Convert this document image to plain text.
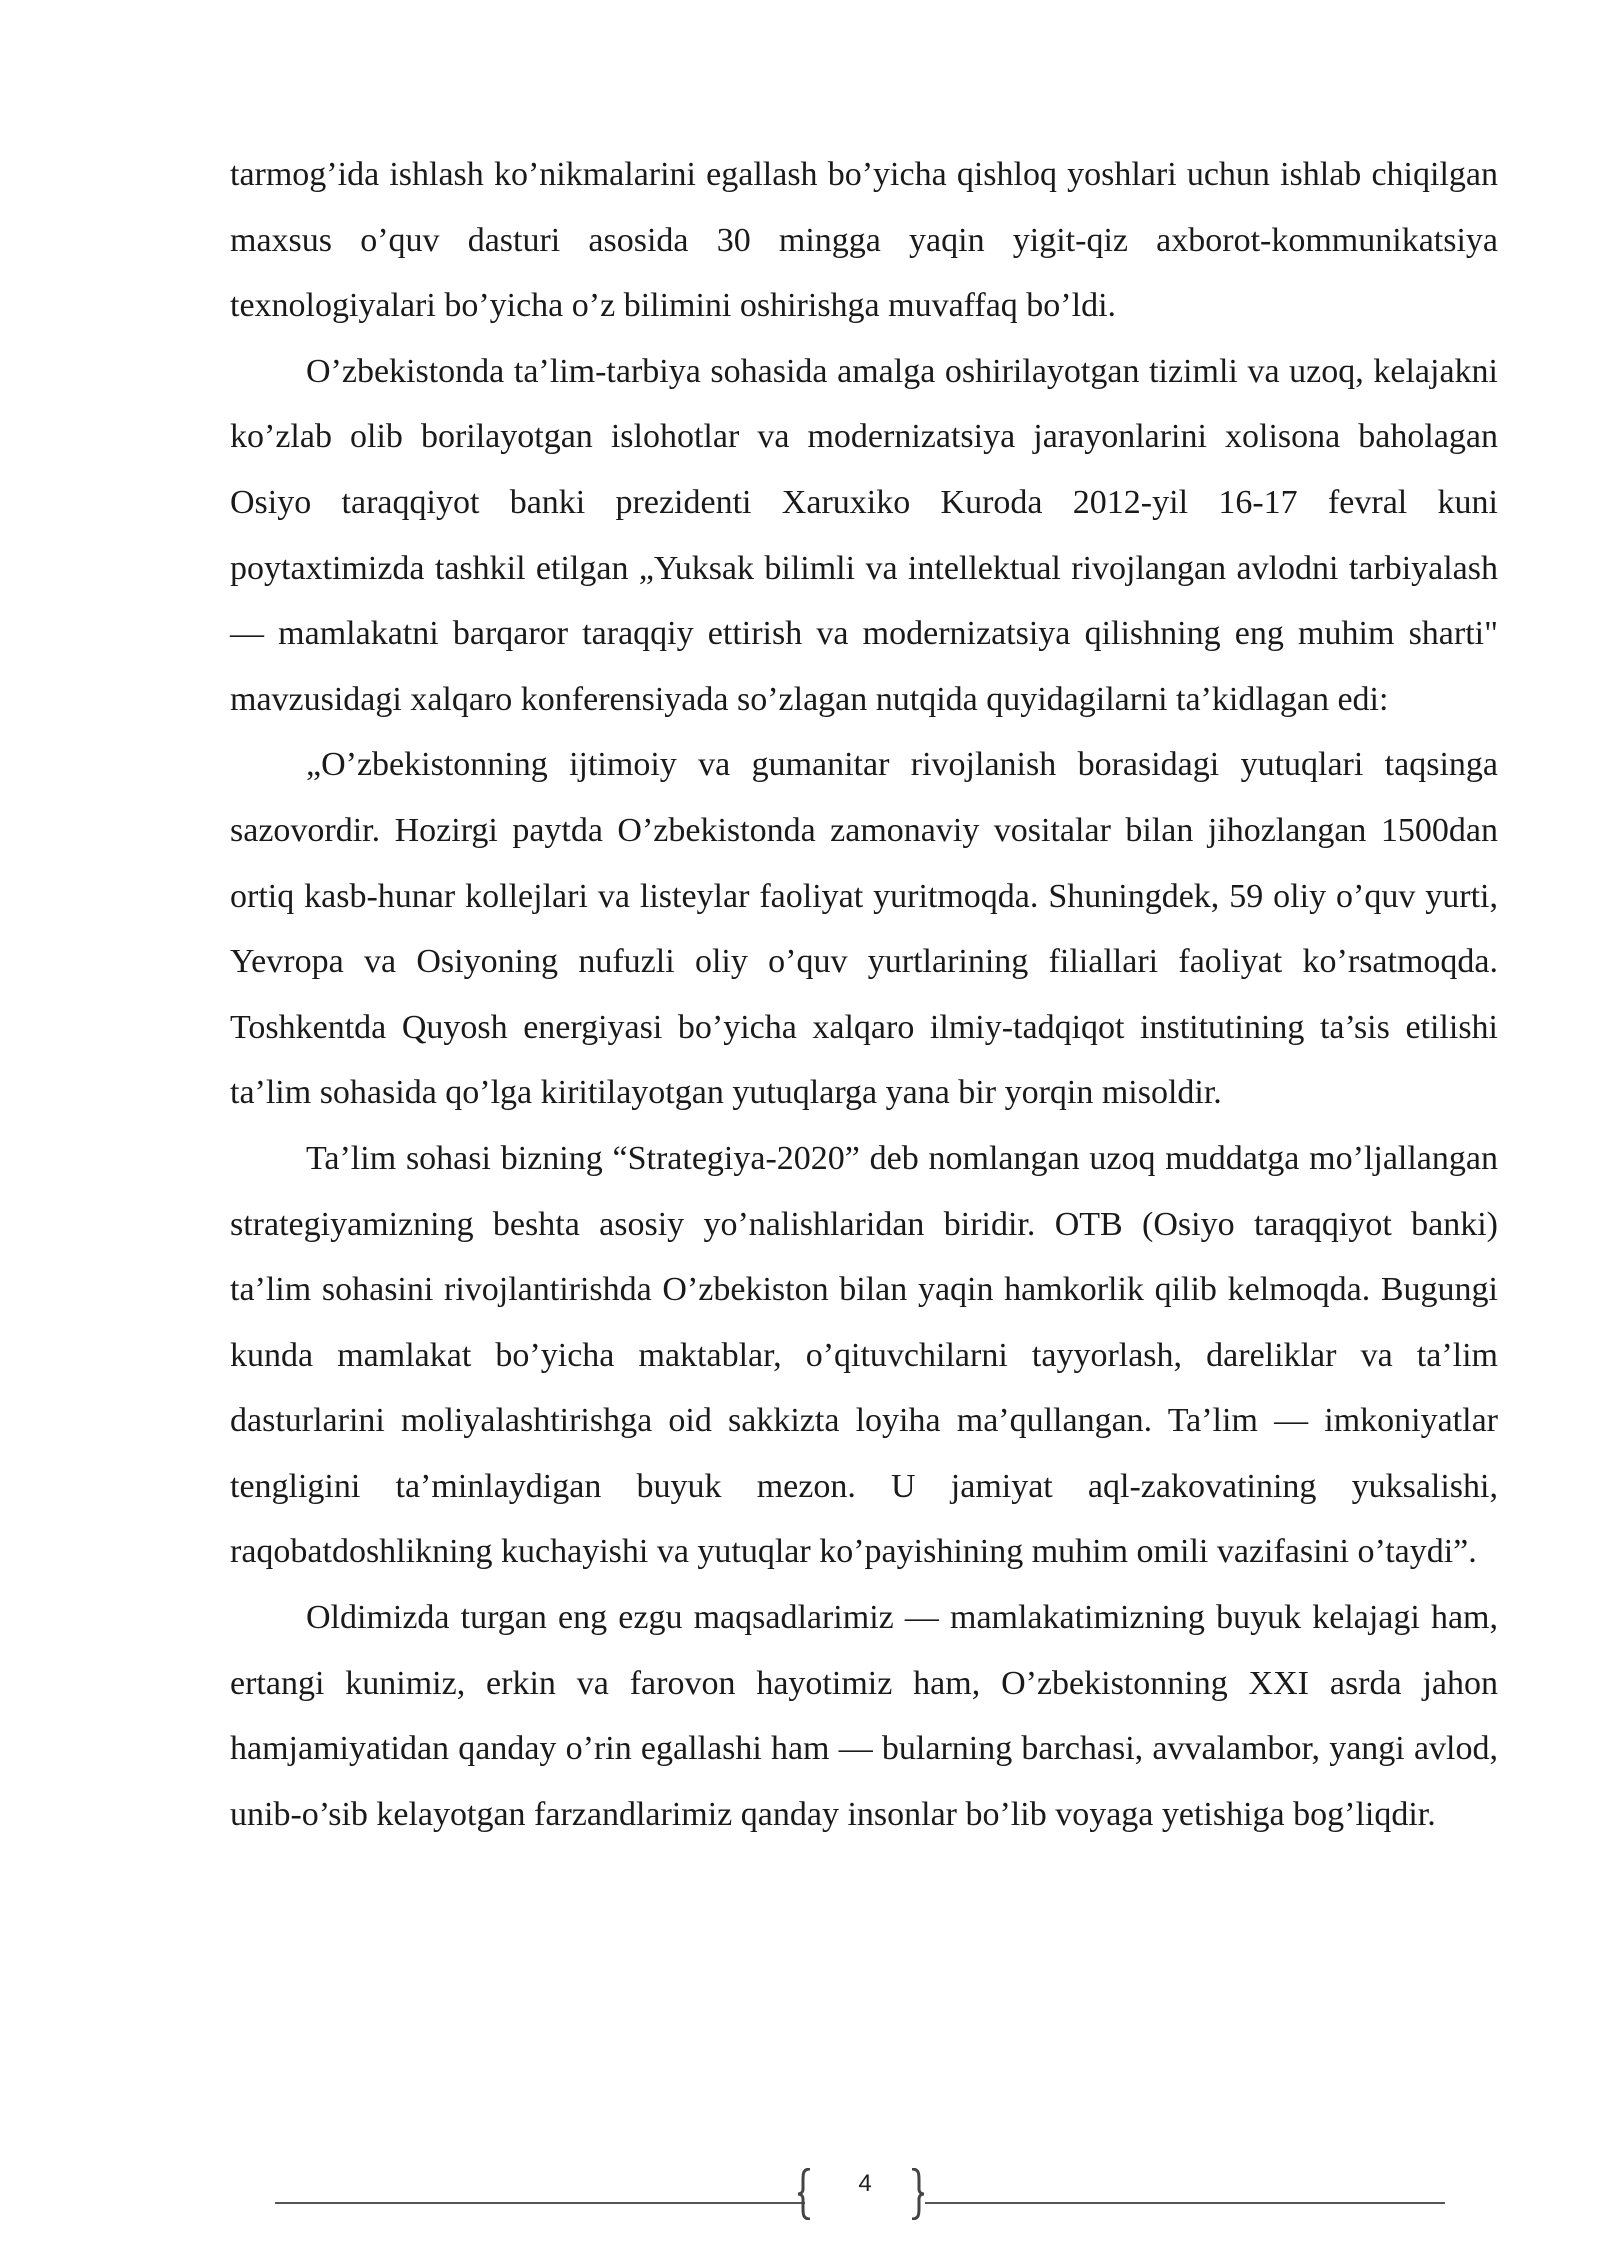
tarmog’ida ishlash ko’nikmalarini egallash bo’yicha qishloq yoshlari uchun ishlab chiqilgan maxsus o’quv dasturi asosida 30 mingga yaqin yigit-qiz axborot-kommunikatsiya texnologiyalari bo’yicha o’z bilimini oshirishga muvaffaq bo’ldi.

O’zbekistonda ta’lim-tarbiya sohasida amalga oshirilayotgan tizimli va uzoq, kelajakni ko’zlab olib borilayotgan islohotlar va modernizatsiya jarayonlarini xolisona baholagan Osiyo taraqqiyot banki prezidenti Xaruxiko Kuroda 2012-yil 16-17 fevral kuni poytaxtimizda tashkil etilgan „Yuksak bilimli va intellektual rivojlangan avlodni tarbiyalash — mamlakatni barqaror taraqqiy ettirish va modernizatsiya qilishning eng muhim sharti" mavzusidagi xalqaro konferensiyada so’zlagan nutqida quyidagilarni ta’kidlagan edi:

„O’zbekistonning ijtimoiy va gumanitar rivojlanish borasidagi yutuqlari taqsinga sazovordir. Hozirgi paytda O’zbekistonda zamonaviy vositalar bilan jihozlangan 1500dan ortiq kasb-hunar kollejlari va listeylar faoliyat yuritmoqda. Shuningdek, 59 oliy o’quv yurti, Yevropa va Osiyoning nufuzli oliy o’quv yurtlarining filiallari faoliyat ko’rsatmoqda. Toshkentda Quyosh energiyasi bo’yicha xalqaro ilmiy-tadqiqot institutining ta’sis etilishi ta’lim sohasida qo’lga kiritilayotgan yutuqlarga yana bir yorqin misoldir.

Ta’lim sohasi bizning “Strategiya-2020” deb nomlangan uzoq muddatga mo’ljallangan strategiyamizning beshta asosiy yo’nalishlaridan biridir. OTB (Osiyo taraqqiyot banki) ta’lim sohasini rivojlantirishda O’zbekiston bilan yaqin hamkorlik qilib kelmoqda. Bugungi kunda mamlakat bo’yicha maktablar, o’qituvchilarni tayyorlash, dareliklar va ta’lim dasturlarini moliyalashtirishga oid sakkizta loyiha ma’qullangan. Ta’lim — imkoniyatlar tengligini ta’minlaydigan buyuk mezon. U jamiyat aql-zakovatining yuksalishi, raqobatdoshlikning kuchayishi va yutuqlar ko’payishining muhim omili vazifasini o’taydi”.

Oldimizda turgan eng ezgu maqsadlarimiz — mamlakatimizning buyuk kelajagi ham, ertangi kunimiz, erkin va farovon hayotimiz ham, O’zbekistonning XXI asrda jahon hamjamiyatidan qanday o’rin egallashi ham — bularning barchasi, avvalambor, yangi avlod, unib-o’sib kelayotgan farzandlarimiz qanday insonlar bo’lib voyaga yetishiga bog’liqdir.

4
